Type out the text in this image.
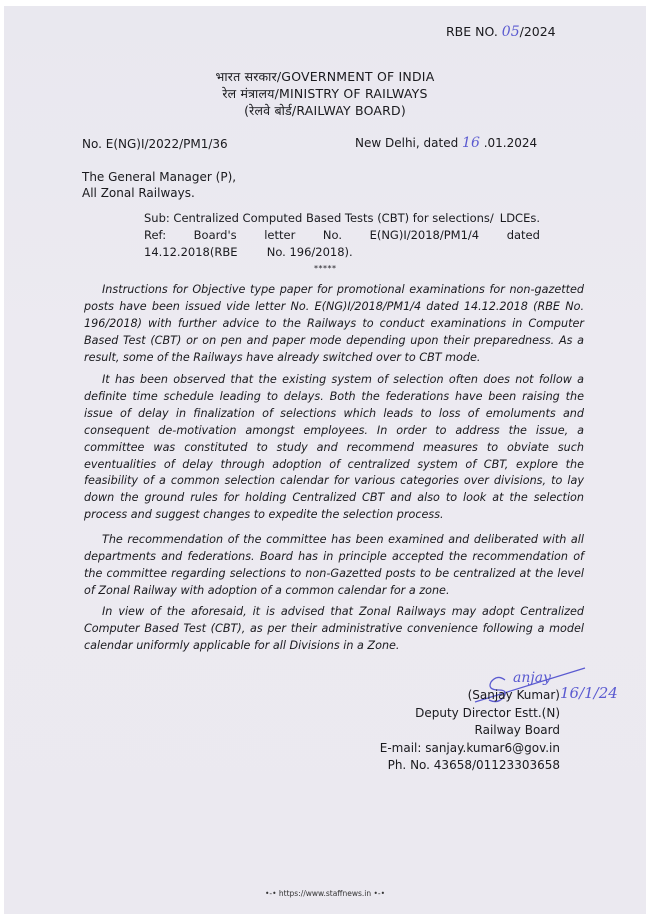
RBE NO. 05/2024
भारत सरकार/GOVERNMENT OF INDIA
रेल मंत्रालय/MINISTRY OF RAILWAYS
(रेलवे बोर्ड/RAILWAY BOARD)
No. E(NG)I/2022/PM1/36	New Delhi, dated 16 .01.2024
The General Manager (P),
All Zonal Railways.
Sub: Centralized Computed Based Tests (CBT) for selections/ LDCEs.
Ref: Board's letter No. E(NG)I/2018/PM1/4 dated
14.12.2018(RBE        No. 196/2018).
*****
Instructions for Objective type paper for promotional examinations for non-gazetted posts have been issued vide letter No. E(NG)I/2018/PM1/4 dated 14.12.2018 (RBE No. 196/2018) with further advice to the Railways to conduct examinations in Computer Based Test (CBT) or on pen and paper mode depending upon their preparedness. As a result, some of the Railways have already switched over to CBT mode.
It has been observed that the existing system of selection often does not follow a definite time schedule leading to delays. Both the federations have been raising the issue of delay in finalization of selections which leads to loss of emoluments and consequent de-motivation amongst employees. In order to address the issue, a committee was constituted to study and recommend measures to obviate such eventualities of delay through adoption of centralized system of CBT, explore the feasibility of a common selection calendar for various categories over divisions, to lay down the ground rules for holding Centralized CBT and also to look at the selection process and suggest changes to expedite the selection process.
The recommendation of the committee has been examined and deliberated with all departments and federations. Board has in principle accepted the recommendation of the committee regarding selections to non-Gazetted posts to be centralized at the level of Zonal Railway with adoption of a common calendar for a zone.
In view of the aforesaid, it is advised that Zonal Railways may adopt Centralized Computer Based Test (CBT), as per their administrative convenience following a model calendar uniformly applicable for all Divisions in a Zone.
anjay
16/1/24
(Sanjay Kumar)
Deputy Director Estt.(N)
Railway Board
E-mail: sanjay.kumar6@gov.in
Ph. No. 43658/01123303658
•-• https://www.staffnews.in •-•
